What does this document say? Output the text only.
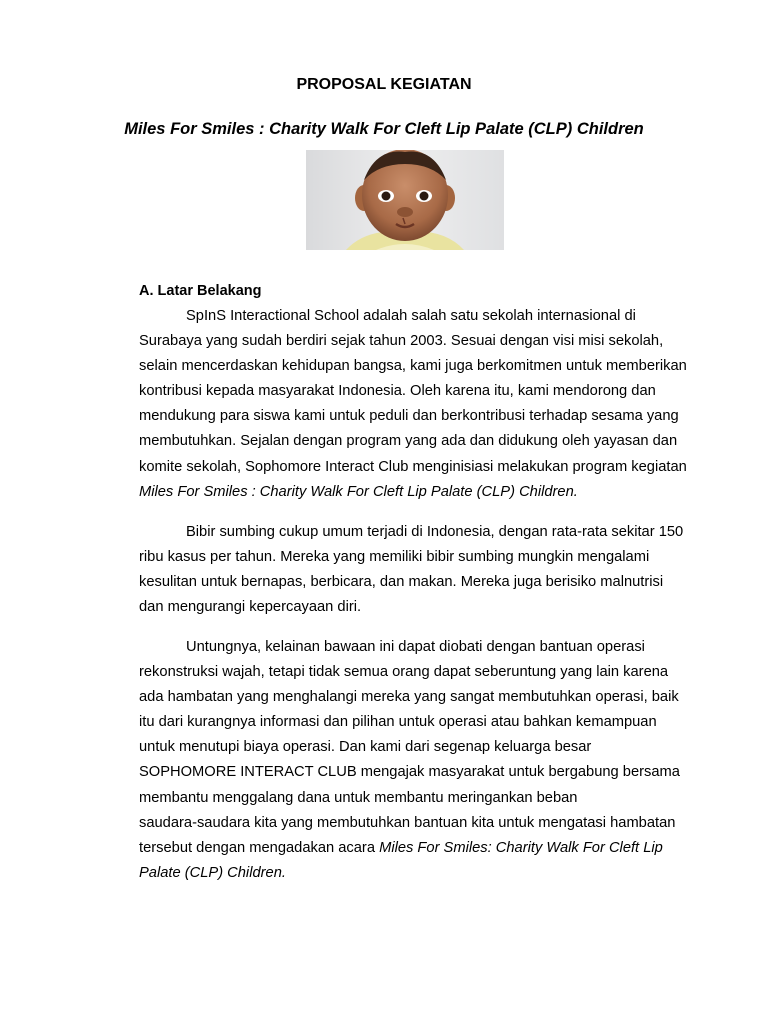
PROPOSAL KEGIATAN
Miles For Smiles : Charity Walk For Cleft Lip Palate (CLP) Children
A. Latar Belakang

SpInS Interactional School adalah salah satu sekolah internasional di
Surabaya yang sudah berdiri sejak tahun 2003. Sesuai dengan visi misi sekolah,
selain mencerdaskan kehidupan bangsa, kami juga berkomitmen untuk memberikan
kontribusi kepada masyarakat Indonesia. Oleh karena itu, kami mendorong dan
mendukung para siswa kami untuk peduli dan berkontribusi terhadap sesama yang
membutuhkan. Sejalan dengan program yang ada dan didukung oleh yayasan dan
komite sekolah, Sophomore Interact Club menginisiasi melakukan program kegiatan
Miles For Smiles : Charity Walk For Cleft Lip Palate (CLP) Children.

Bibir sumbing cukup umum terjadi di Indonesia, dengan rata-rata sekitar 150
ribu kasus per tahun. Mereka yang memiliki bibir sumbing mungkin mengalami
kesulitan untuk bernapas, berbicara, dan makan. Mereka juga berisiko malnutrisi
dan mengurangi kepercayaan diri.

Untungnya, kelainan bawaan ini dapat diobati dengan bantuan operasi
rekonstruksi wajah, tetapi tidak semua orang dapat seberuntung yang lain karena
ada hambatan yang menghalangi mereka yang sangat membutuhkan operasi, baik
itu dari kurangnya informasi dan pilihan untuk operasi atau bahkan kemampuan
untuk menutupi biaya operasi. Dan kami dari segenap keluarga besar
SOPHOMORE INTERACT CLUB mengajak masyarakat untuk bergabung bersama
membantu menggalang dana untuk membantu meringankan beban
saudara-saudara kita yang membutuhkan bantuan kita untuk mengatasi hambatan
tersebut dengan mengadakan acara Miles For Smiles: Charity Walk For Cleft Lip
Palate (CLP) Children.
